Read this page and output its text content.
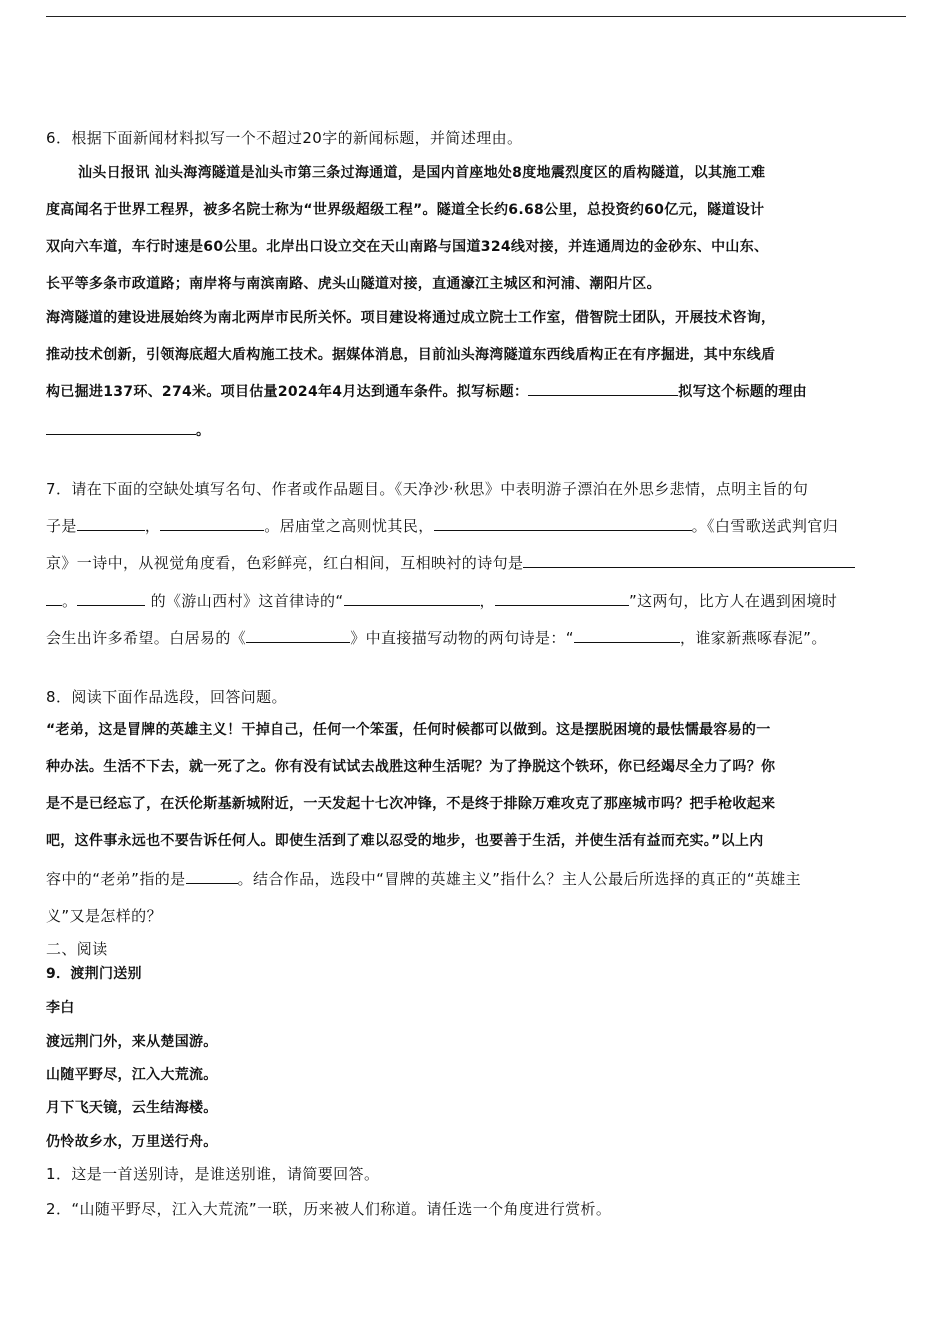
6．根据下面新闻材料拟写一个不超过20字的新闻标题，并简述理由。
汕头日报讯 汕头海湾隧道是汕头市第三条过海通道，是国内首座地处8度地震烈度区的盾构隧道，以其施工难
度高闻名于世界工程界，被多名院士称为“世界级超级工程”。隧道全长约6.68公里，总投资约60亿元，隧道设计
双向六车道，车行时速是60公里。北岸出口设立交在天山南路与国道324线对接，并连通周边的金砂东、中山东、
长平等多条市政道路；南岸将与南滨南路、虎头山隧道对接，直通濠江主城区和河浦、潮阳片区。
海湾隧道的建设进展始终为南北两岸市民所关怀。项目建设将通过成立院士工作室，借智院士团队，开展技术咨询，
推动技术创新，引领海底超大盾构施工技术。据媒体消息，目前汕头海湾隧道东西线盾构正在有序掘进，其中东线盾
构已掘进137环、274米。项目估量2024年4月达到通车条件。拟写标题：	拟写这个标题的理由
。
7．请在下面的空缺处填写名句、作者或作品题目。《天净沙·秋思》中表明游子漂泊在外思乡悲情，点明主旨的句
子是	，	。居庙堂之高则忧其民，	。《白雪歌送武判官归
京》一诗中，从视觉角度看，色彩鲜亮，红白相间，互相映衬的诗句是
。	的《游山西村》这首律诗的“	，	”这两句，比方人在遇到困境时
会生出许多希望。白居易的《	》中直接描写动物的两句诗是：“	，谁家新燕啄春泥”。
8．阅读下面作品选段，回答问题。
“老弟，这是冒牌的英雄主义！干掉自己，任何一个笨蛋，任何时候都可以做到。这是摆脱困境的最怯懦最容易的一
种办法。生活不下去，就一死了之。你有没有试试去战胜这种生活呢？为了挣脱这个铁环，你已经竭尽全力了吗？你
是不是已经忘了，在沃伦斯基新城附近，一天发起十七次冲锋，不是终于排除万难攻克了那座城市吗？把手枪收起来
吧，这件事永远也不要告诉任何人。即使生活到了难以忍受的地步，也要善于生活，并使生活有益而充实。”以上内
容中的“老弟”指的是	。结合作品，选段中“冒牌的英雄主义”指什么？主人公最后所选择的真正的“英雄主
义”又是怎样的？
二、阅读
9．渡荆门送别
李白
渡远荆门外，来从楚国游。
山随平野尽，江入大荒流。
月下飞天镜，云生结海楼。
仍怜故乡水，万里送行舟。
1．这是一首送别诗，是谁送别谁，请简要回答。
2．“山随平野尽，江入大荒流”一联，历来被人们称道。请任选一个角度进行赏析。
